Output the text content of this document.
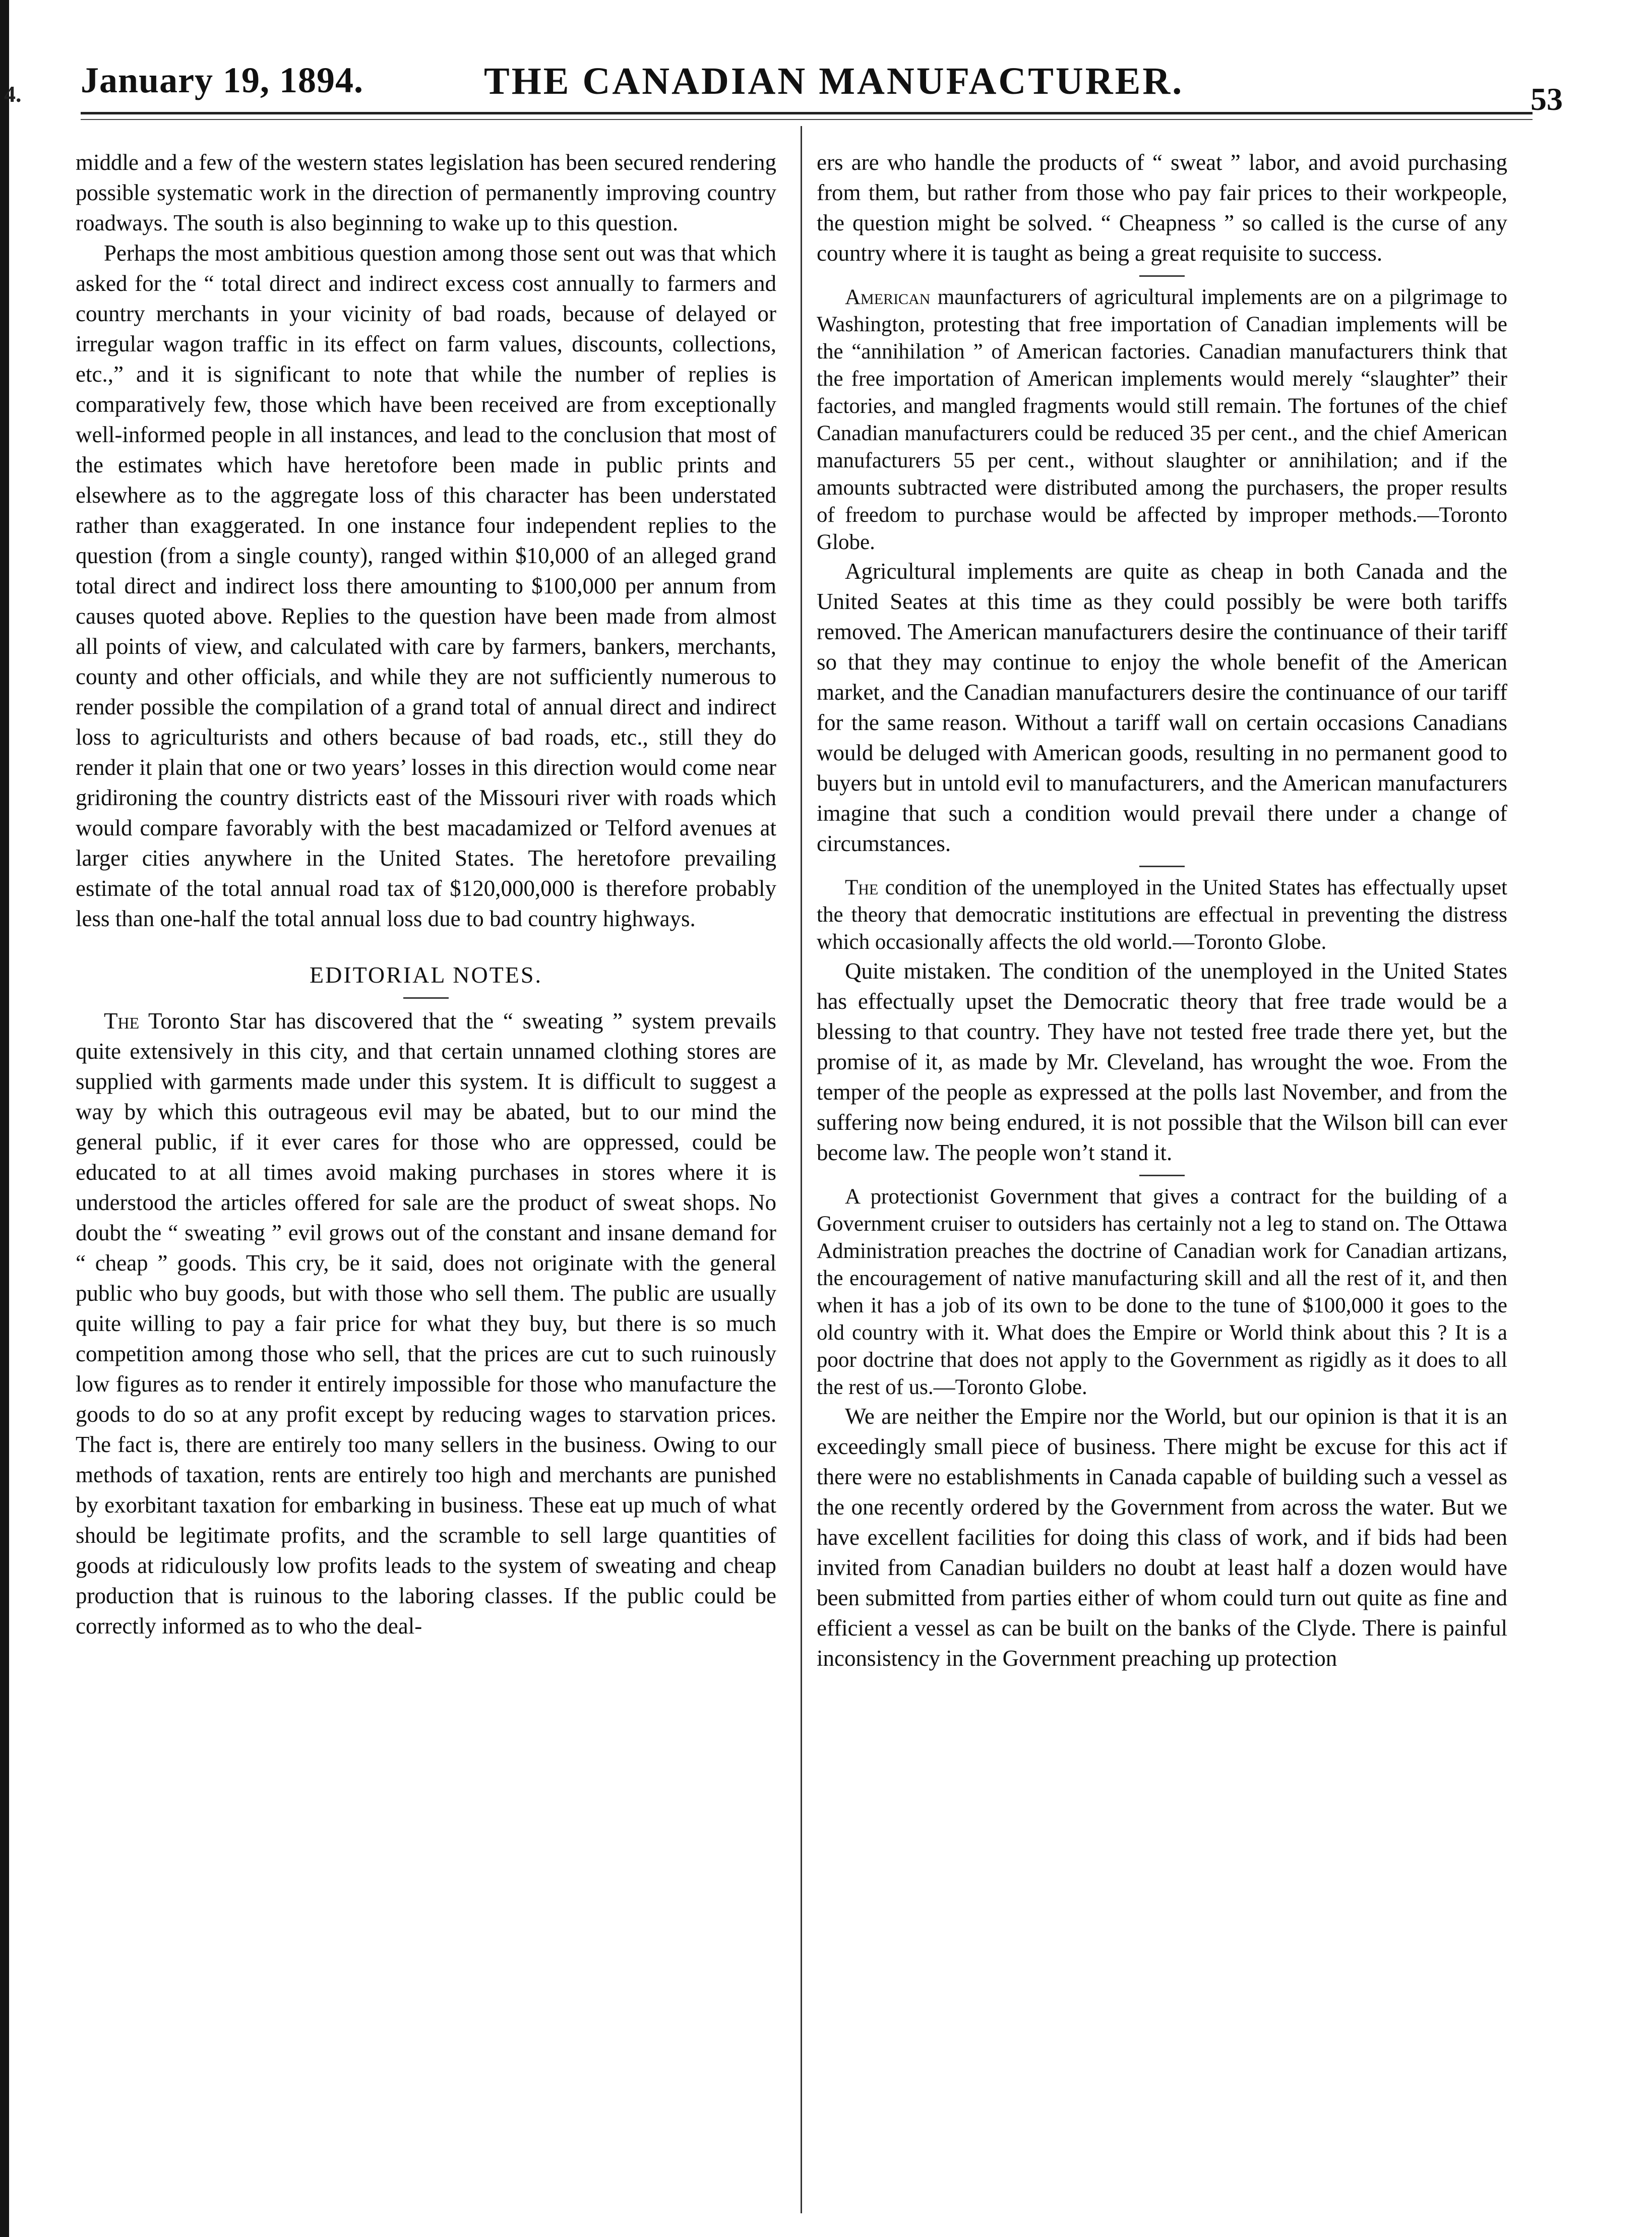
4. January 19, 1894.	THE CANADIAN MANUFACTURER.	53

middle and a few of the western states legislation has been secured rendering possible systematic work in the direction of permanently improving country roadways. The south is also beginning to wake up to this question.

Perhaps the most ambitious question among those sent out was that which asked for the “ total direct and indirect excess cost annually to farmers and country merchants in your vicinity of bad roads, because of delayed or irregular wagon traffic in its effect on farm values, discounts, collections, etc.,” and it is significant to note that while the number of replies is comparatively few, those which have been received are from exceptionally well-informed people in all instances, and lead to the conclusion that most of the estimates which have heretofore been made in public prints and elsewhere as to the aggregate loss of this character has been understated rather than exaggerated. In one instance four independent replies to the question (from a single county), ranged within $10,000 of an alleged grand total direct and indirect loss there amounting to $100,000 per annum from causes quoted above. Replies to the question have been made from almost all points of view, and calculated with care by farmers, bankers, merchants, county and other officials, and while they are not sufficiently numerous to render possible the compilation of a grand total of annual direct and indirect loss to agriculturists and others because of bad roads, etc., still they do render it plain that one or two years’ losses in this direction would come near gridironing the country districts east of the Missouri river with roads which would compare favorably with the best macadamized or Telford avenues at larger cities anywhere in the United States. The heretofore prevailing estimate of the total annual road tax of $120,000,000 is therefore probably less than one-half the total annual loss due to bad country highways.

EDITORIAL NOTES.

The Toronto Star has discovered that the “ sweating ” system prevails quite extensively in this city, and that certain unnamed clothing stores are supplied with garments made under this system. It is difficult to suggest a way by which this outrageous evil may be abated, but to our mind the general public, if it ever cares for those who are oppressed, could be educated to at all times avoid making purchases in stores where it is understood the articles offered for sale are the product of sweat shops. No doubt the “ sweating ” evil grows out of the constant and insane demand for “ cheap ” goods. This cry, be it said, does not originate with the general public who buy goods, but with those who sell them. The public are usually quite willing to pay a fair price for what they buy, but there is so much competition among those who sell, that the prices are cut to such ruinously low figures as to render it entirely impossible for those who manufacture the goods to do so at any profit except by reducing wages to starvation prices. The fact is, there are entirely too many sellers in the business. Owing to our methods of taxation, rents are entirely too high and merchants are punished by exorbitant taxation for embarking in business. These eat up much of what should be legitimate profits, and the scramble to sell large quantities of goods at ridiculously low profits leads to the system of sweating and cheap production that is ruinous to the laboring classes. If the public could be correctly informed as to who the deal-

ers are who handle the products of “ sweat ” labor, and avoid purchasing from them, but rather from those who pay fair prices to their workpeople, the question might be solved. “ Cheapness ” so called is the curse of any country where it is taught as being a great requisite to success.

American maunfacturers of agricultural implements are on a pilgrimage to Washington, protesting that free importation of Canadian implements will be the “annihilation ” of American factories. Canadian manufacturers think that the free importation of American implements would merely “slaughter” their factories, and mangled fragments would still remain. The fortunes of the chief Canadian manufacturers could be reduced 35 per cent., and the chief American manufacturers 55 per cent., without slaughter or annihilation; and if the amounts subtracted were distributed among the purchasers, the proper results of freedom to purchase would be affected by improper methods.—Toronto Globe.

Agricultural implements are quite as cheap in both Canada and the United Seates at this time as they could possibly be were both tariffs removed. The American manufacturers desire the continuance of their tariff so that they may continue to enjoy the whole benefit of the American market, and the Canadian manufacturers desire the continuance of our tariff for the same reason. Without a tariff wall on certain occasions Canadians would be deluged with American goods, resulting in no permanent good to buyers but in untold evil to manufacturers, and the American manufacturers imagine that such a condition would prevail there under a change of circumstances.

The condition of the unemployed in the United States has effectually upset the theory that democratic institutions are effectual in preventing the distress which occasionally affects the old world.—Toronto Globe.

Quite mistaken. The condition of the unemployed in the United States has effectually upset the Democratic theory that free trade would be a blessing to that country. They have not tested free trade there yet, but the promise of it, as made by Mr. Cleveland, has wrought the woe. From the temper of the people as expressed at the polls last November, and from the suffering now being endured, it is not possible that the Wilson bill can ever become law. The people won’t stand it.

A protectionist Government that gives a contract for the building of a Government cruiser to outsiders has certainly not a leg to stand on. The Ottawa Administration preaches the doctrine of Canadian work for Canadian artizans, the encouragement of native manufacturing skill and all the rest of it, and then when it has a job of its own to be done to the tune of $100,000 it goes to the old country with it. What does the Empire or World think about this ? It is a poor doctrine that does not apply to the Government as rigidly as it does to all the rest of us.—Toronto Globe.

We are neither the Empire nor the World, but our opinion is that it is an exceedingly small piece of business. There might be excuse for this act if there were no establishments in Canada capable of building such a vessel as the one recently ordered by the Government from across the water. But we have excellent facilities for doing this class of work, and if bids had been invited from Canadian builders no doubt at least half a dozen would have been submitted from parties either of whom could turn out quite as fine and efficient a vessel as can be built on the banks of the Clyde. There is painful inconsistency in the Government preaching up protection
